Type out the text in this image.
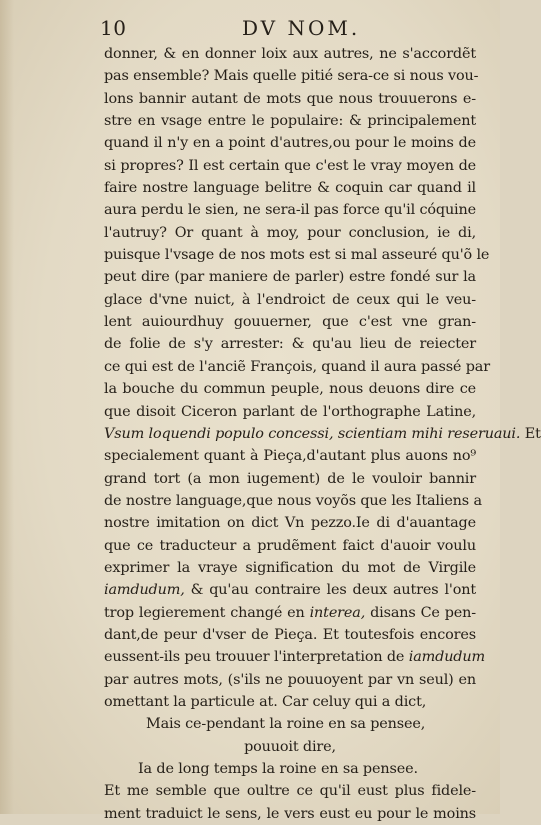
10	DV NOM.
donner, & en donner loix aux autres, ne s'accordẽt
pas ensemble? Mais quelle pitié sera-ce si nous vou-
lons bannir autant de mots que nous trouuerons e-
stre en vsage entre le populaire: & principalement
quand il n'y en a point d'autres,ou pour le moins de
si propres? Il est certain que c'est le vray moyen de
faire nostre language belitre & coquin car quand il
aura perdu le sien, ne sera-il pas force qu'il cóquine
l'autruy? Or quant à moy, pour conclusion, ie di,
puisque l'vsage de nos mots est si mal asseuré qu'õ le
peut dire (par maniere de parler) estre fondé sur la
glace d'vne nuict, à l'endroict de ceux qui le veu-
lent auiourdhuy gouuerner, que c'est vne gran-
de folie de s'y arrester: & qu'au lieu de reiecter
ce qui est de l'anciẽ François, quand il aura passé par
la bouche du commun peuple, nous deuons dire ce
que disoit Ciceron parlant de l'orthographe Latine,
Vsum loquendi populo concessi, scientiam mihi reseruaui. Et
specialement quant à Pieça,d'autant plus auons no⁹
grand tort (a mon iugement) de le vouloir bannir
de nostre language,que nous voyõs que les Italiens a
nostre imitation on dict Vn pezzo.Ie di d'auantage
que ce traducteur a prudẽment faict d'auoir voulu
exprimer la vraye signification du mot de Virgile
iamdudum, & qu'au contraire les deux autres l'ont
trop legierement changé en interea, disans Ce pen-
dant,de peur d'vser de Pieça. Et toutesfois encores
eussent-ils peu trouuer l'interpretation de iamdudum
par autres mots, (s'ils ne pouuoyent par vn seul) en
omettant la particule at. Car celuy qui a dict,
Mais ce-pendant la roine en sa pensee,
pouuoit dire,
Ia de long temps la roine en sa pensee.
Et me semble que oultre ce qu'il eust plus fidele-
ment traduict le sens, le vers eust eu pour le moins
